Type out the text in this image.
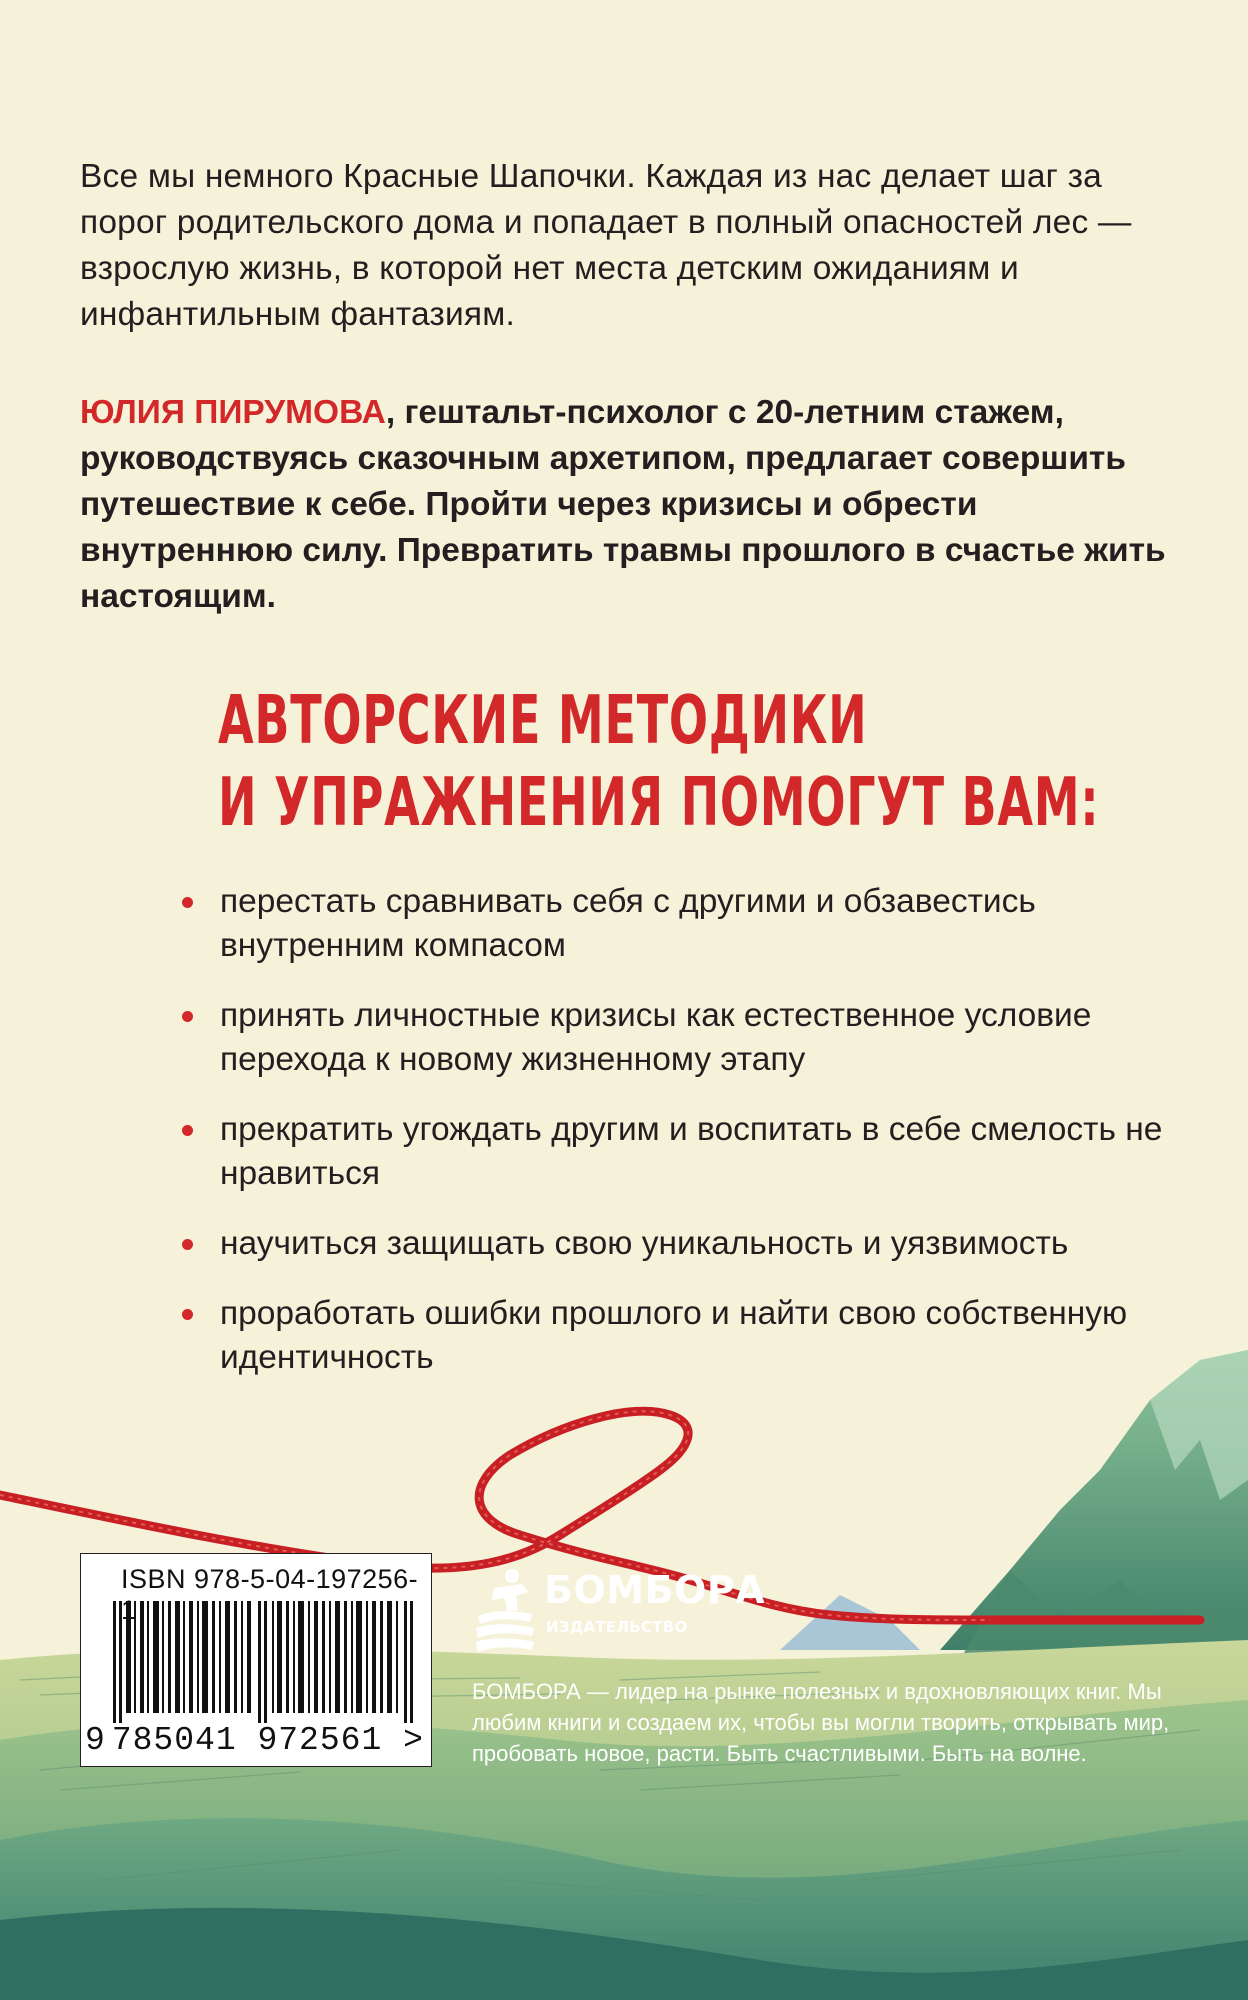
Все мы немного Красные Шапочки. Каждая из нас делает шаг за порог родительского дома и попадает в полный опасностей лес — взрослую жизнь, в которой нет места детским ожиданиям и инфантильным фантазиям.

ЮЛИЯ ПИРУМОВА, гештальт-психолог с 20-летним стажем, руководствуясь сказочным архетипом, предлагает совершить путешествие к себе. Пройти через кризисы и обрести внутреннюю силу. Превратить травмы прошлого в счастье жить настоящим.

АВТОРСКИЕ МЕТОДИКИ
И УПРАЖНЕНИЯ ПОМОГУТ ВАМ:
перестать сравнивать себя с другими и обзавестись внутренним компасом
принять личностные кризисы как естественное условие перехода к новому жизненному этапу
прекратить угождать другим и воспитать в себе смелость не нравиться
научиться защищать свою уникальность и уязвимость
проработать ошибки прошлого и найти свою собственную идентичность
ISBN 978-5-04-197256-
9 785041 972561 >
БОМБОРА
ИЗДАТЕЛЬСТВО

БОМБОРА — лидер на рынке полезных и вдохновляющих книг. Мы любим книги и создаем их, чтобы вы могли творить, открывать мир, пробовать новое, расти. Быть счастливыми. Быть на волне.
